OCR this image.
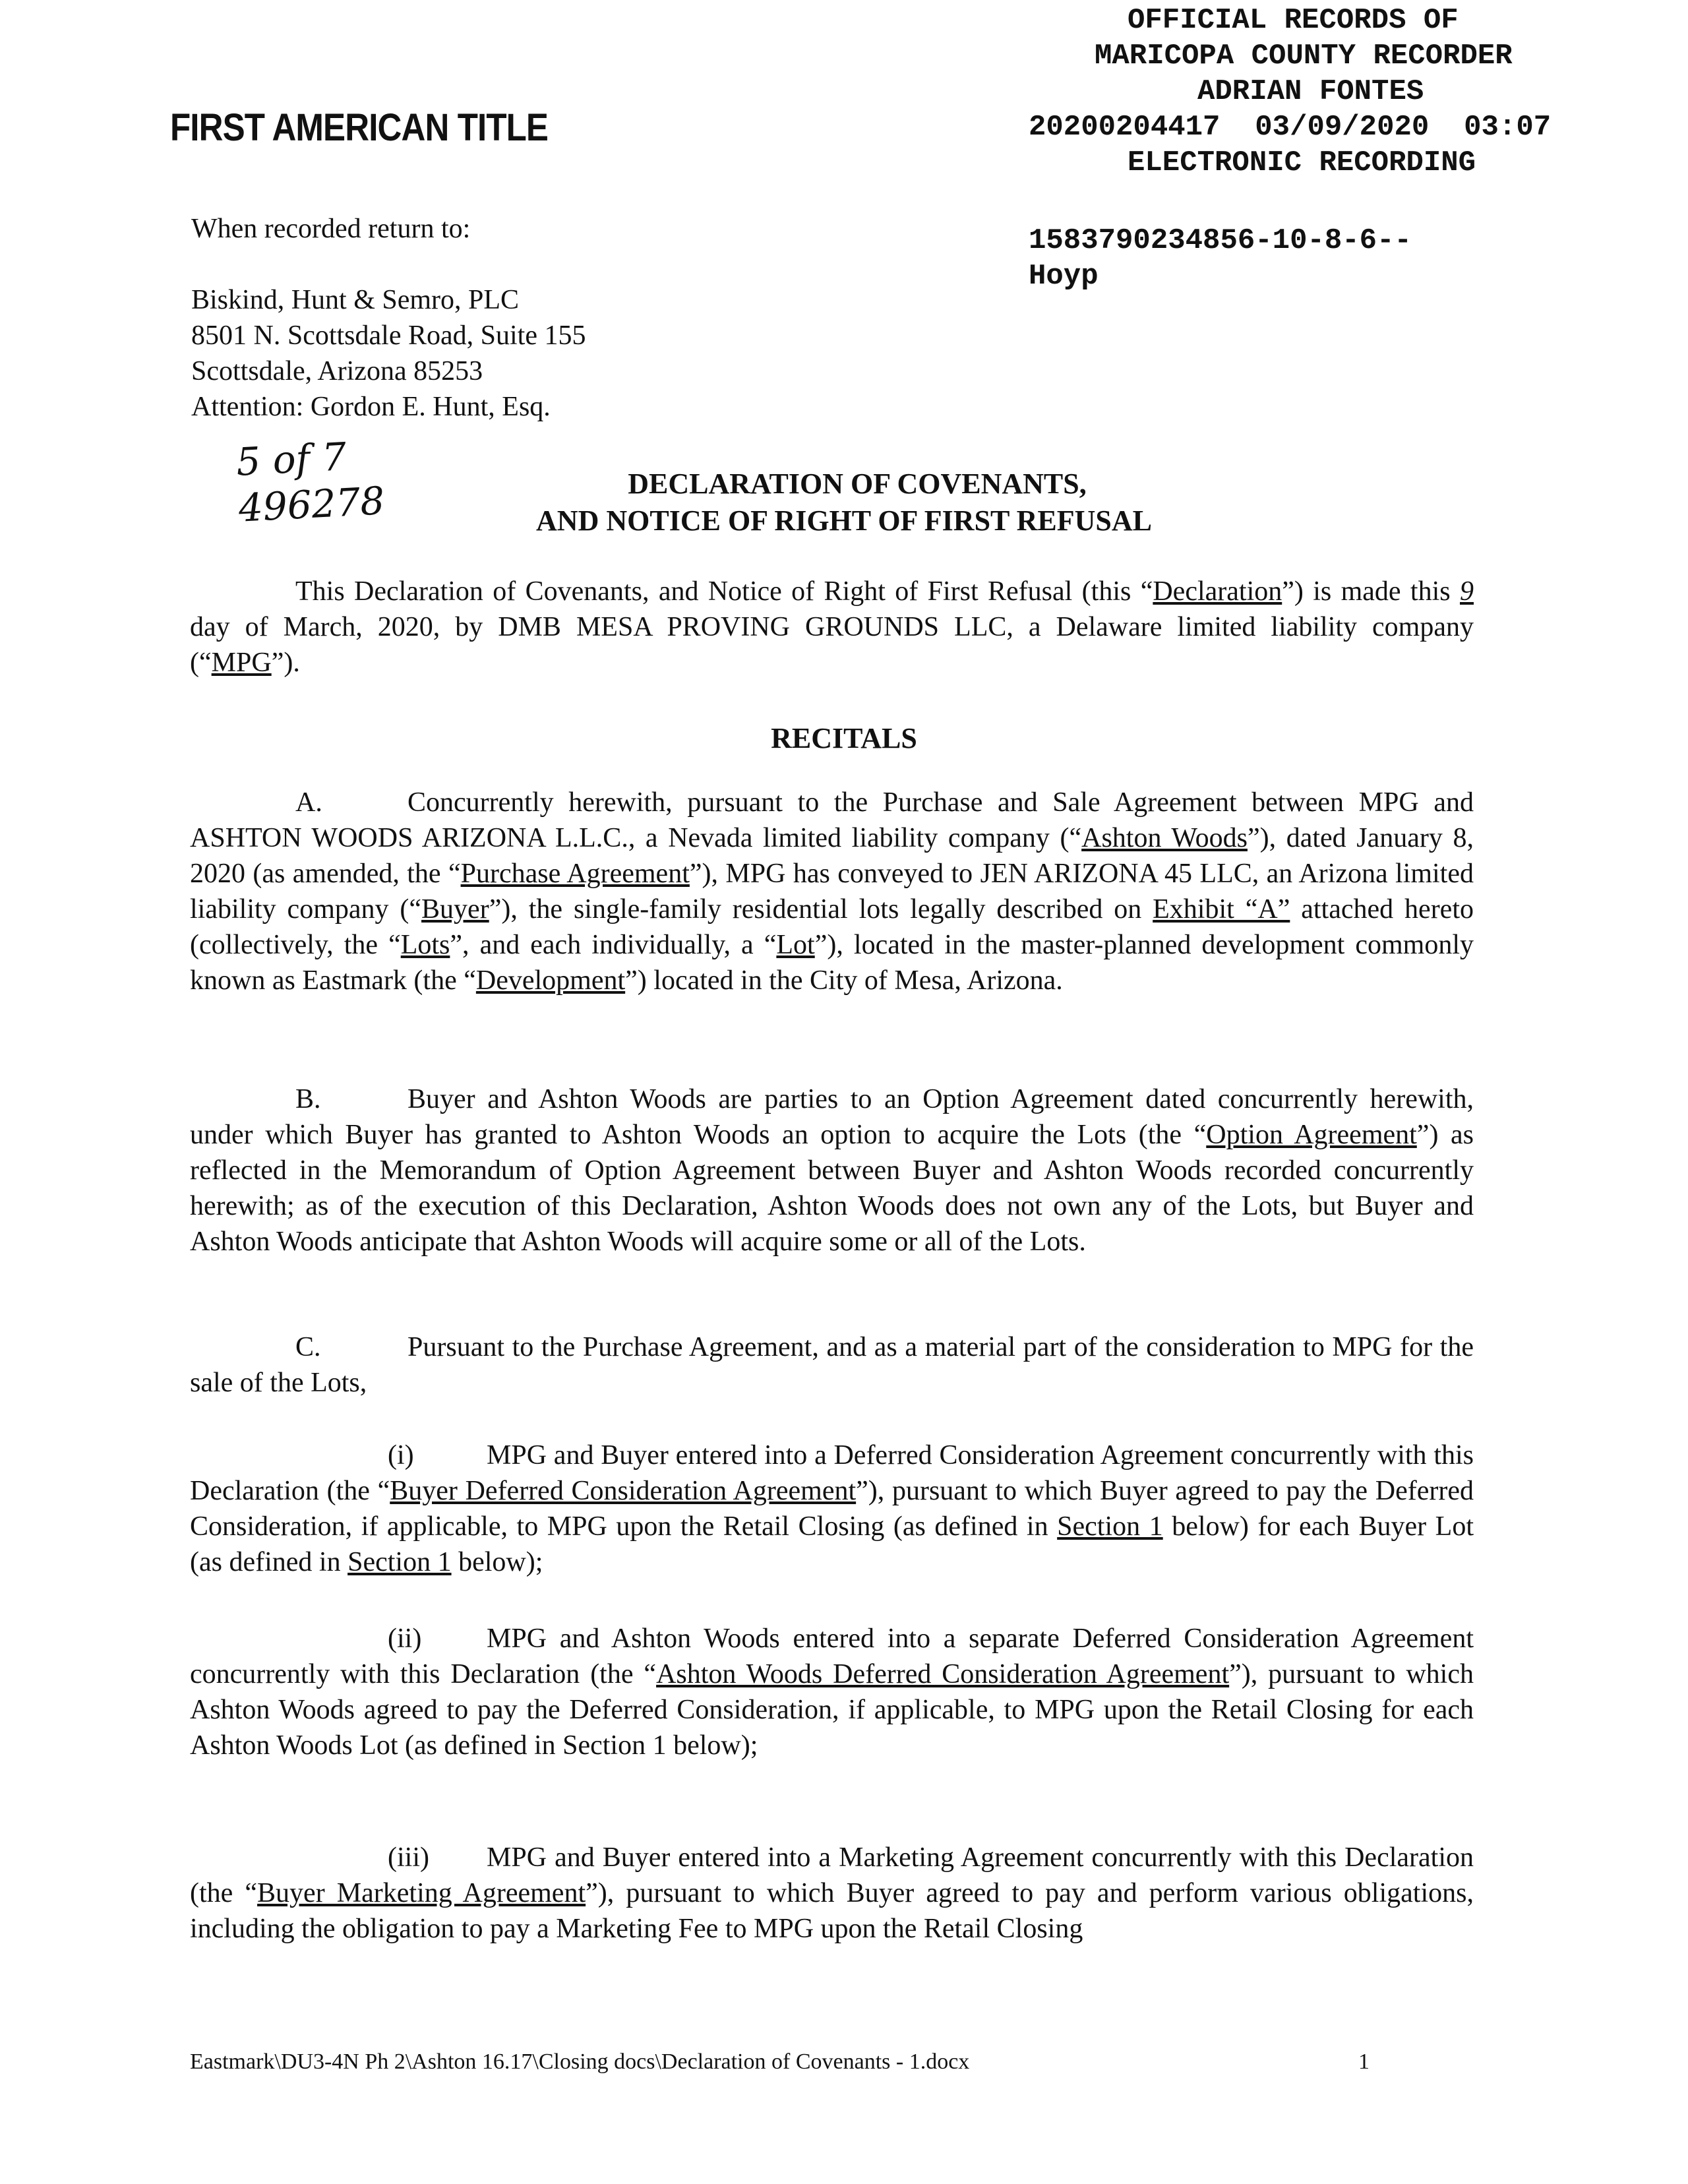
FIRST AMERICAN TITLE
OFFICIAL RECORDS OF
MARICOPA COUNTY RECORDER
ADRIAN FONTES
20200204417  03/09/2020  03:07
ELECTRONIC RECORDING
1583790234856-10-8-6--
Hoyp
When recorded return to:
Biskind, Hunt & Semro, PLC
8501 N. Scottsdale Road, Suite 155
Scottsdale, Arizona 85253
Attention: Gordon E. Hunt, Esq.
5 of 7
496278	DECLARATION OF COVENANTS,
AND NOTICE OF RIGHT OF FIRST REFUSAL
This Declaration of Covenants, and Notice of Right of First Refusal (this “Declaration”) is made this 9 day of March, 2020, by DMB MESA PROVING GROUNDS LLC, a Delaware limited liability company (“MPG”).
RECITALS
A.	Concurrently herewith, pursuant to the Purchase and Sale Agreement between MPG and ASHTON WOODS ARIZONA L.L.C., a Nevada limited liability company (“Ashton Woods”), dated January 8, 2020 (as amended, the “Purchase Agreement”), MPG has conveyed to JEN ARIZONA 45 LLC, an Arizona limited liability company (“Buyer”), the single-family residential lots legally described on Exhibit “A” attached hereto (collectively, the “Lots”, and each individually, a “Lot”), located in the master-planned development commonly known as Eastmark (the “Development”) located in the City of Mesa, Arizona.
B.	Buyer and Ashton Woods are parties to an Option Agreement dated concurrently herewith, under which Buyer has granted to Ashton Woods an option to acquire the Lots (the “Option Agreement”) as reflected in the Memorandum of Option Agreement between Buyer and Ashton Woods recorded concurrently herewith; as of the execution of this Declaration, Ashton Woods does not own any of the Lots, but Buyer and Ashton Woods anticipate that Ashton Woods will acquire some or all of the Lots.
C.	Pursuant to the Purchase Agreement, and as a material part of the consideration to MPG for the sale of the Lots,
(i)	MPG and Buyer entered into a Deferred Consideration Agreement concurrently with this Declaration (the “Buyer Deferred Consideration Agreement”), pursuant to which Buyer agreed to pay the Deferred Consideration, if applicable, to MPG upon the Retail Closing (as defined in Section 1 below) for each Buyer Lot (as defined in Section 1 below);
(ii) MPG and Ashton Woods entered into a separate Deferred Consideration Agreement concurrently with this Declaration (the “Ashton Woods Deferred Consideration Agreement”), pursuant to which Ashton Woods agreed to pay the Deferred Consideration, if applicable, to MPG upon the Retail Closing for each Ashton Woods Lot (as defined in Section 1 below);
(iii) MPG and Buyer entered into a Marketing Agreement concurrently with this Declaration (the “Buyer Marketing Agreement”), pursuant to which Buyer agreed to pay and perform various obligations, including the obligation to pay a Marketing Fee to MPG upon the Retail Closing
Eastmark\DU3-4N Ph 2\Ashton 16.17\Closing docs\Declaration of Covenants - 1.docx	1
